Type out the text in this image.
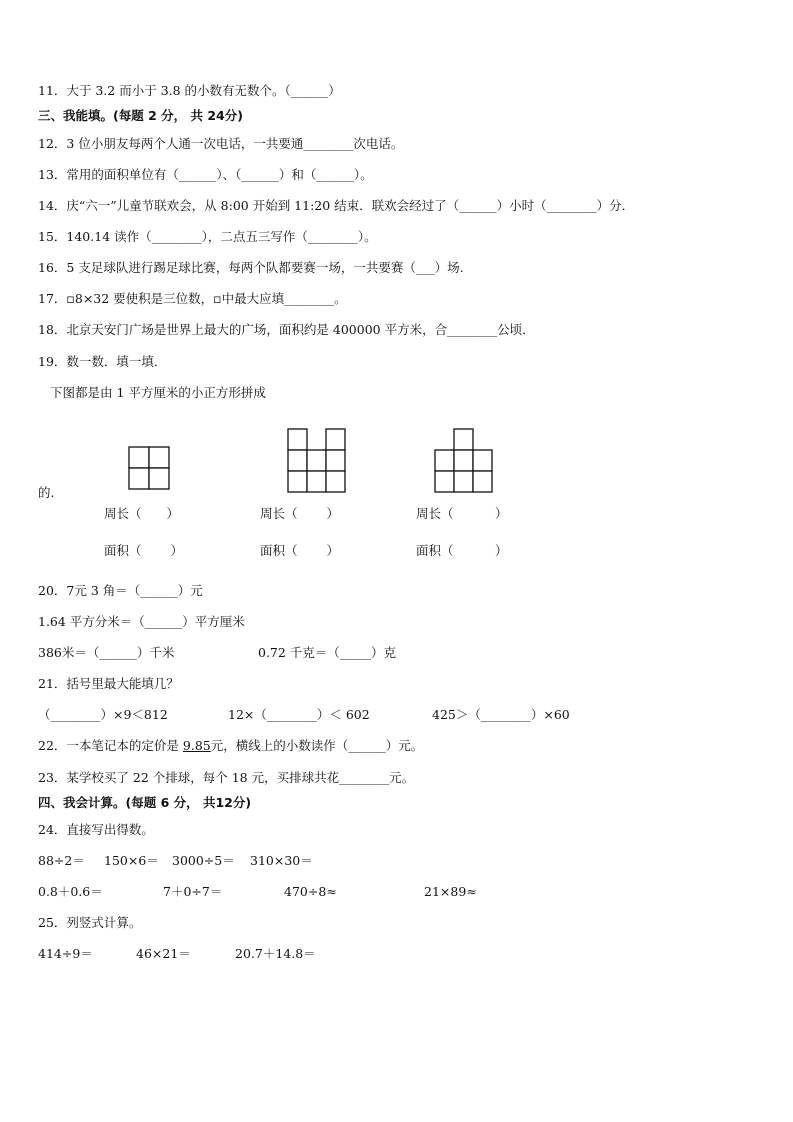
11．大于 3.2 而小于 3.8 的小数有无数个。（______）
三、我能填。(每题 2 分， 共 24分)
12．3 位小朋友每两个人通一次电话，一共要通________次电话。
13．常用的面积单位有（______）、（______）和（______）。
14．庆“六一”儿童节联欢会，从 8:00 开始到 11:20 结束．联欢会经过了（______）小时（________）分．
15．140.14 读作（________），二点五三写作（________）。
16．5 支足球队进行踢足球比赛，每两个队都要赛一场，一共要赛（___）场.
17．▫8×32 要使积是三位数，▫中最大应填________。
18．北京天安门广场是世界上最大的广场，面积约是 400000 平方米，合________公顷．
19．数一数．填一填．
下图都是由 1 平方厘米的小正方形拼成
的.
周长（　　）	周长（　　 ）	周长（　　　 ）
面积（　　 ）	面积（　　 ）	面积（　　　 ）
20．7元 3 角＝（______）元
1.64 平方分米＝（______）平方厘米
386米＝（______）千米	0.72 千克＝（_____）克
21．括号里最大能填几？
（________）×9＜812	12×（________）＜ 602	425＞（________）×60
22．一本笔记本的定价是 9.85元，横线上的小数读作（______）元。
23．某学校买了 22 个排球，每个 18 元，买排球共花________元。
四、我会计算。(每题 6 分， 共12分)
24．直接写出得数。
88÷2＝ 150×6＝ 3000÷5＝ 310×30＝
0.8＋0.6＝	7＋0÷7＝	470÷8≈	21×89≈
25．列竖式计算。
414÷9＝	46×21＝	20.7＋14.8＝
